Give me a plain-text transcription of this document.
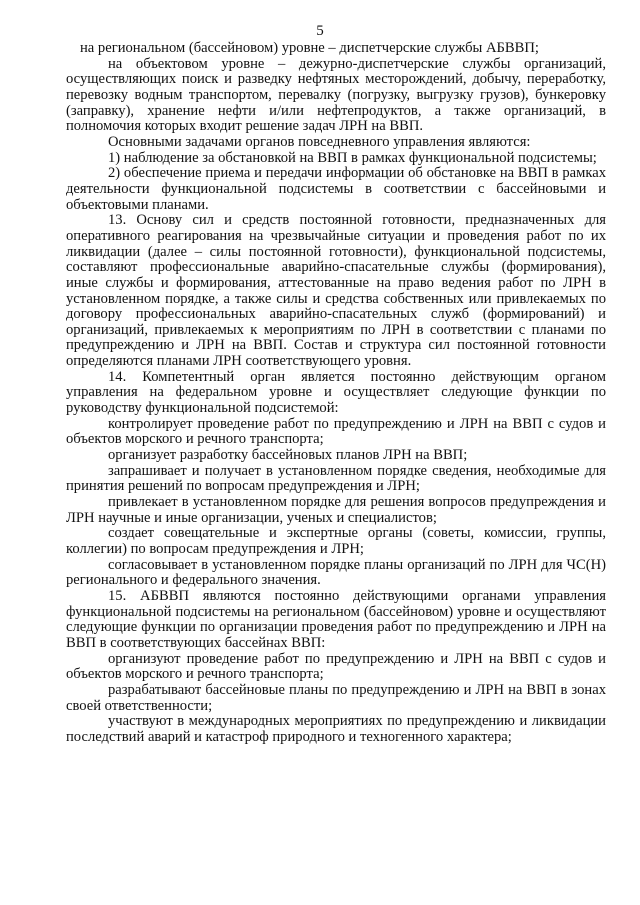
5

на региональном (бассейновом) уровне – диспетчерские службы АБВВП;

на объектовом уровне – дежурно-диспетчерские службы организаций, осуществляющих поиск и разведку нефтяных месторождений, добычу, переработку, перевозку водным транспортом, перевалку (погрузку, выгрузку грузов), бункеровку (заправку), хранение нефти и/или нефтепродуктов, а также организаций, в полномочия которых входит решение задач ЛРН на ВВП.

Основными задачами органов повседневного управления являются:

1) наблюдение за обстановкой на ВВП в рамках функциональной подсистемы;

2) обеспечение приема и передачи информации об обстановке на ВВП в рамках деятельности функциональной подсистемы в соответствии с бассейновыми и объектовыми планами.

13. Основу сил и средств постоянной готовности, предназначенных для оперативного реагирования на чрезвычайные ситуации и проведения работ по их ликвидации (далее – силы постоянной готовности), функциональной подсистемы, составляют профессиональные аварийно-спасательные службы (формирования), иные службы и формирования, аттестованные на право ведения работ по ЛРН в установленном порядке, а также силы и средства собственных или привлекаемых по договору профессиональных аварийно-спасательных служб (формирований) и организаций, привлекаемых к мероприятиям по ЛРН в соответствии с планами по предупреждению и ЛРН на ВВП. Состав и структура сил постоянной готовности определяются планами ЛРН соответствующего уровня.

14. Компетентный орган является постоянно действующим органом управления на федеральном уровне и осуществляет следующие функции по руководству функциональной подсистемой:

контролирует проведение работ по предупреждению и ЛРН на ВВП с судов и объектов морского и речного транспорта;

организует разработку бассейновых планов ЛРН на ВВП;

запрашивает и получает в установленном порядке сведения, необходимые для принятия решений по вопросам предупреждения и ЛРН;

привлекает в установленном порядке для решения вопросов предупреждения и ЛРН научные и иные организации, ученых и специалистов;

создает совещательные и экспертные органы (советы, комиссии, группы, коллегии) по вопросам предупреждения и ЛРН;

согласовывает в установленном порядке планы организаций по ЛРН для ЧС(Н) регионального и федерального значения.

15. АБВВП являются постоянно действующими органами управления функциональной подсистемы на региональном (бассейновом) уровне и осуществляют следующие функции по организации проведения работ по предупреждению и ЛРН на ВВП в соответствующих бассейнах ВВП:

организуют проведение работ по предупреждению и ЛРН на ВВП с судов и объектов морского и речного транспорта;

разрабатывают бассейновые планы по предупреждению и ЛРН на ВВП в зонах своей ответственности;

участвуют в международных мероприятиях по предупреждению и ликвидации последствий аварий и катастроф природного и техногенного характера;
